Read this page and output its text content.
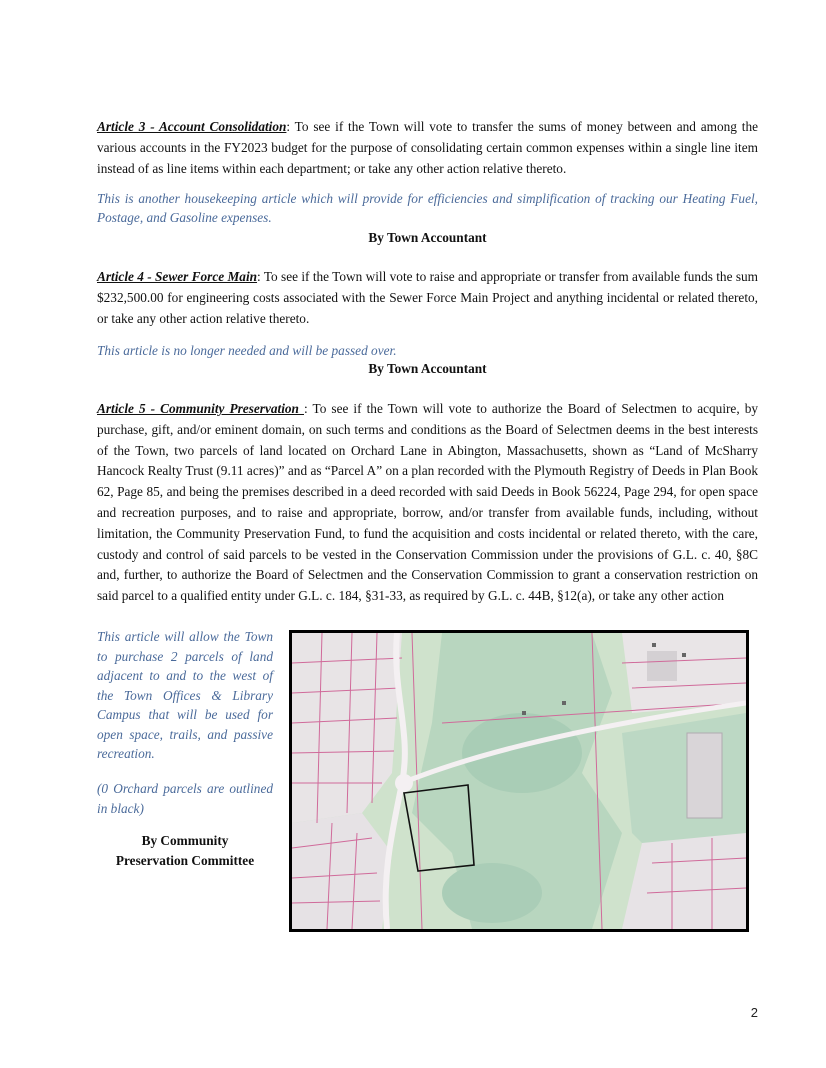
Article 3 - Account Consolidation: To see if the Town will vote to transfer the sums of money between and among the various accounts in the FY2023 budget for the purpose of consolidating certain common expenses within a single line item instead of as line items within each department; or take any other action relative thereto.
This is another housekeeping article which will provide for efficiencies and simplification of tracking our Heating Fuel, Postage, and Gasoline expenses.
By Town Accountant
Article 4 - Sewer Force Main: To see if the Town will vote to raise and appropriate or transfer from available funds the sum $232,500.00 for engineering costs associated with the Sewer Force Main Project and anything incidental or related thereto, or take any other action relative thereto.
This article is no longer needed and will be passed over.
By Town Accountant
Article 5 - Community Preservation : To see if the Town will vote to authorize the Board of Selectmen to acquire, by purchase, gift, and/or eminent domain, on such terms and conditions as the Board of Selectmen deems in the best interests of the Town, two parcels of land located on Orchard Lane in Abington, Massachusetts, shown as “Land of McSharry Hancock Realty Trust (9.11 acres)” and as “Parcel A” on a plan recorded with the Plymouth Registry of Deeds in Plan Book 62, Page 85, and being the premises described in a deed recorded with said Deeds in Book 56224, Page 294, for open space and recreation purposes, and to raise and appropriate, borrow, and/or transfer from available funds, including, without limitation, the Community Preservation Fund, to fund the acquisition and costs incidental or related thereto, with the care, custody and control of said parcels to be vested in the Conservation Commission under the provisions of G.L. c. 40, §8C and, further, to authorize the Board of Selectmen and the Conservation Commission to grant a conservation restriction on said parcel to a qualified entity under G.L. c. 184, §31-33, as required by G.L. c. 44B, §12(a), or take any other action
This article will allow the Town to purchase 2 parcels of land adjacent to and to the west of the Town Offices & Library Campus that will be used for open space, trails, and passive recreation.
(0 Orchard parcels are outlined in black)
By Community
Preservation Committee
2
